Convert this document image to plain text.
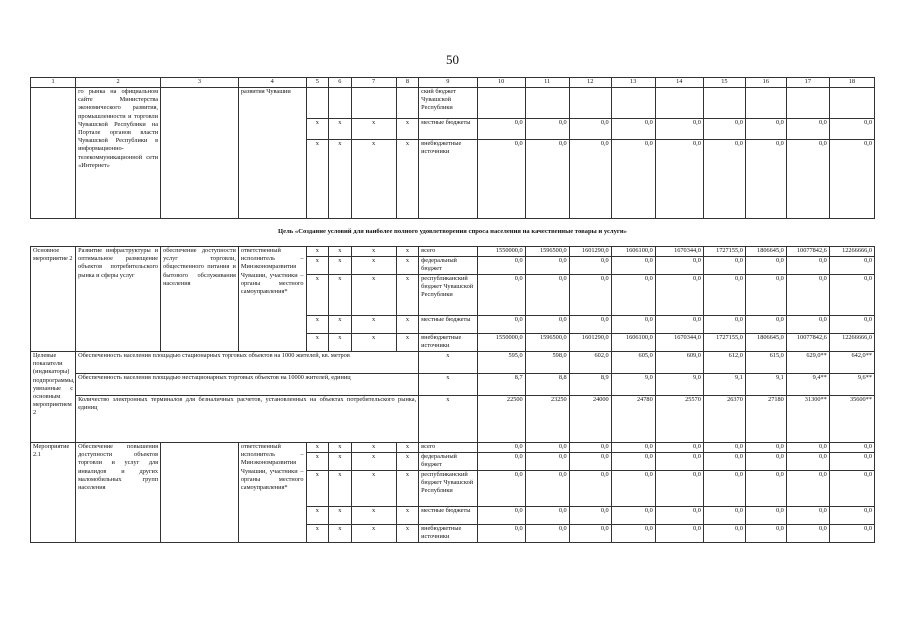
50
1	2	3	4	5	6	7	8	9	10	11	12	13	14	15	16	17	18
	го рынка на официальном сайте Министерства экономического развития, промышленности и торговли Чувашской Республики на Портале органов власти Чувашской Республики в информационно-телекоммуникационной сети «Интернет»		развития Чувашии					ский бюджет Чувашской Республики									
				x	x	x	x	местные бюджеты	0,0	0,0	0,0	0,0	0,0	0,0	0,0	0,0	0,0
				x	x	x	x	внебюджетные источники	0,0	0,0	0,0	0,0	0,0	0,0	0,0	0,0	0,0
Цель «Создание условий для наиболее полного удовлетворения спроса населения на качественные товары и услуги»																	
Основное мероприятие 2	Развитие инфраструктуры и оптимальное размещение объектов потребительского рынка и сферы услуг	обеспечение доступности услуг торговли, общественного питания и бытового обслуживания населения	ответственный исполнитель – Минэкономразвития Чувашии, участники – органы местного самоуправления*	x	x	x	x	всего	1550000,0	1596500,0	1601290,0	1606100,0	1670344,0	1727155,0	1806645,0	10077842,6	12266666,0
				x	x	x	x	федеральный бюджет	0,0	0,0	0,0	0,0	0,0	0,0	0,0	0,0	0,0
				x	x	x	x	республиканский бюджет Чувашской Республики	0,0	0,0	0,0	0,0	0,0	0,0	0,0	0,0	0,0
				x	x	x	x	местные бюджеты	0,0	0,0	0,0	0,0	0,0	0,0	0,0	0,0	0,0
				x	x	x	x	внебюджетные источники	1550000,0	1596500,0	1601290,0	1606100,0	1670344,0	1727155,0	1806645,0	10077842,6	12266666,0
Целевые показатели (индикаторы) подпрограммы, увязанные с основным мероприятием 2	Обеспеченность населения площадью стационарных торговых объектов на 1000 жителей, кв. метров							x	595,0	598,0	602,0	605,0	609,0	612,0	615,0	629,0**	642,0**
	Обеспеченность населения площадью нестационарных торговых объектов на 10000 жителей, единиц							x	8,7	8,8	8,9	9,0	9,0	9,1	9,1	9,4**	9,6**
	Количество электронных терминалов для безналичных расчетов, установленных на объектах потребительского рынка, единиц							x	22500	23250	24000	24780	25570	26370	27180	31300**	35600**
Мероприятие 2.1	Обеспечение повышения доступности объектов торговли и услуг для инвалидов и других маломобильных групп населения		ответственный исполнитель – Минэкономразвития Чувашии, участники – органы местного самоуправления*	x	x	x	x	всего	0,0	0,0	0,0	0,0	0,0	0,0	0,0	0,0	0,0
				x	x	x	x	федеральный бюджет	0,0	0,0	0,0	0,0	0,0	0,0	0,0	0,0	0,0
				x	x	x	x	республиканский бюджет Чувашской Республики	0,0	0,0	0,0	0,0	0,0	0,0	0,0	0,0	0,0
				x	x	x	x	местные бюджеты	0,0	0,0	0,0	0,0	0,0	0,0	0,0	0,0	0,0
				x	x	x	x	внебюджетные источники	0,0	0,0	0,0	0,0	0,0	0,0	0,0	0,0	0,0
